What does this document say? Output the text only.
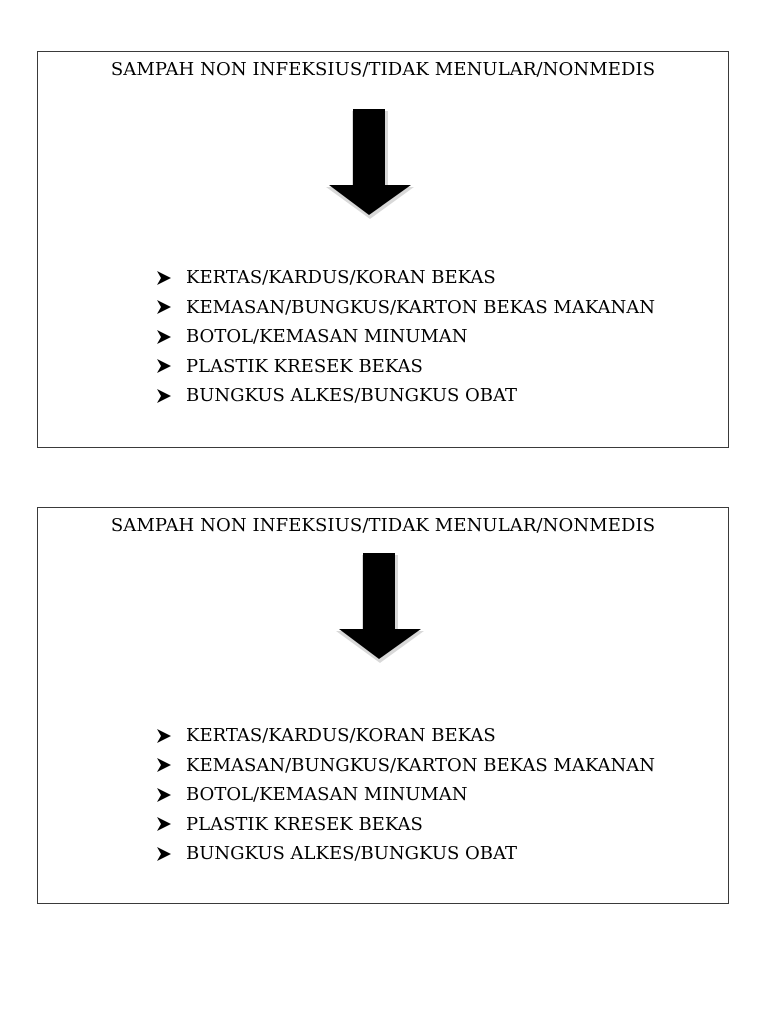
SAMPAH NON INFEKSIUS/TIDAK MENULAR/NONMEDIS
KERTAS/KARDUS/KORAN BEKAS
KEMASAN/BUNGKUS/KARTON BEKAS MAKANAN
BOTOL/KEMASAN MINUMAN
PLASTIK KRESEK BEKAS
BUNGKUS ALKES/BUNGKUS OBAT
SAMPAH NON INFEKSIUS/TIDAK MENULAR/NONMEDIS
KERTAS/KARDUS/KORAN BEKAS
KEMASAN/BUNGKUS/KARTON BEKAS MAKANAN
BOTOL/KEMASAN MINUMAN
PLASTIK KRESEK BEKAS
BUNGKUS ALKES/BUNGKUS OBAT
